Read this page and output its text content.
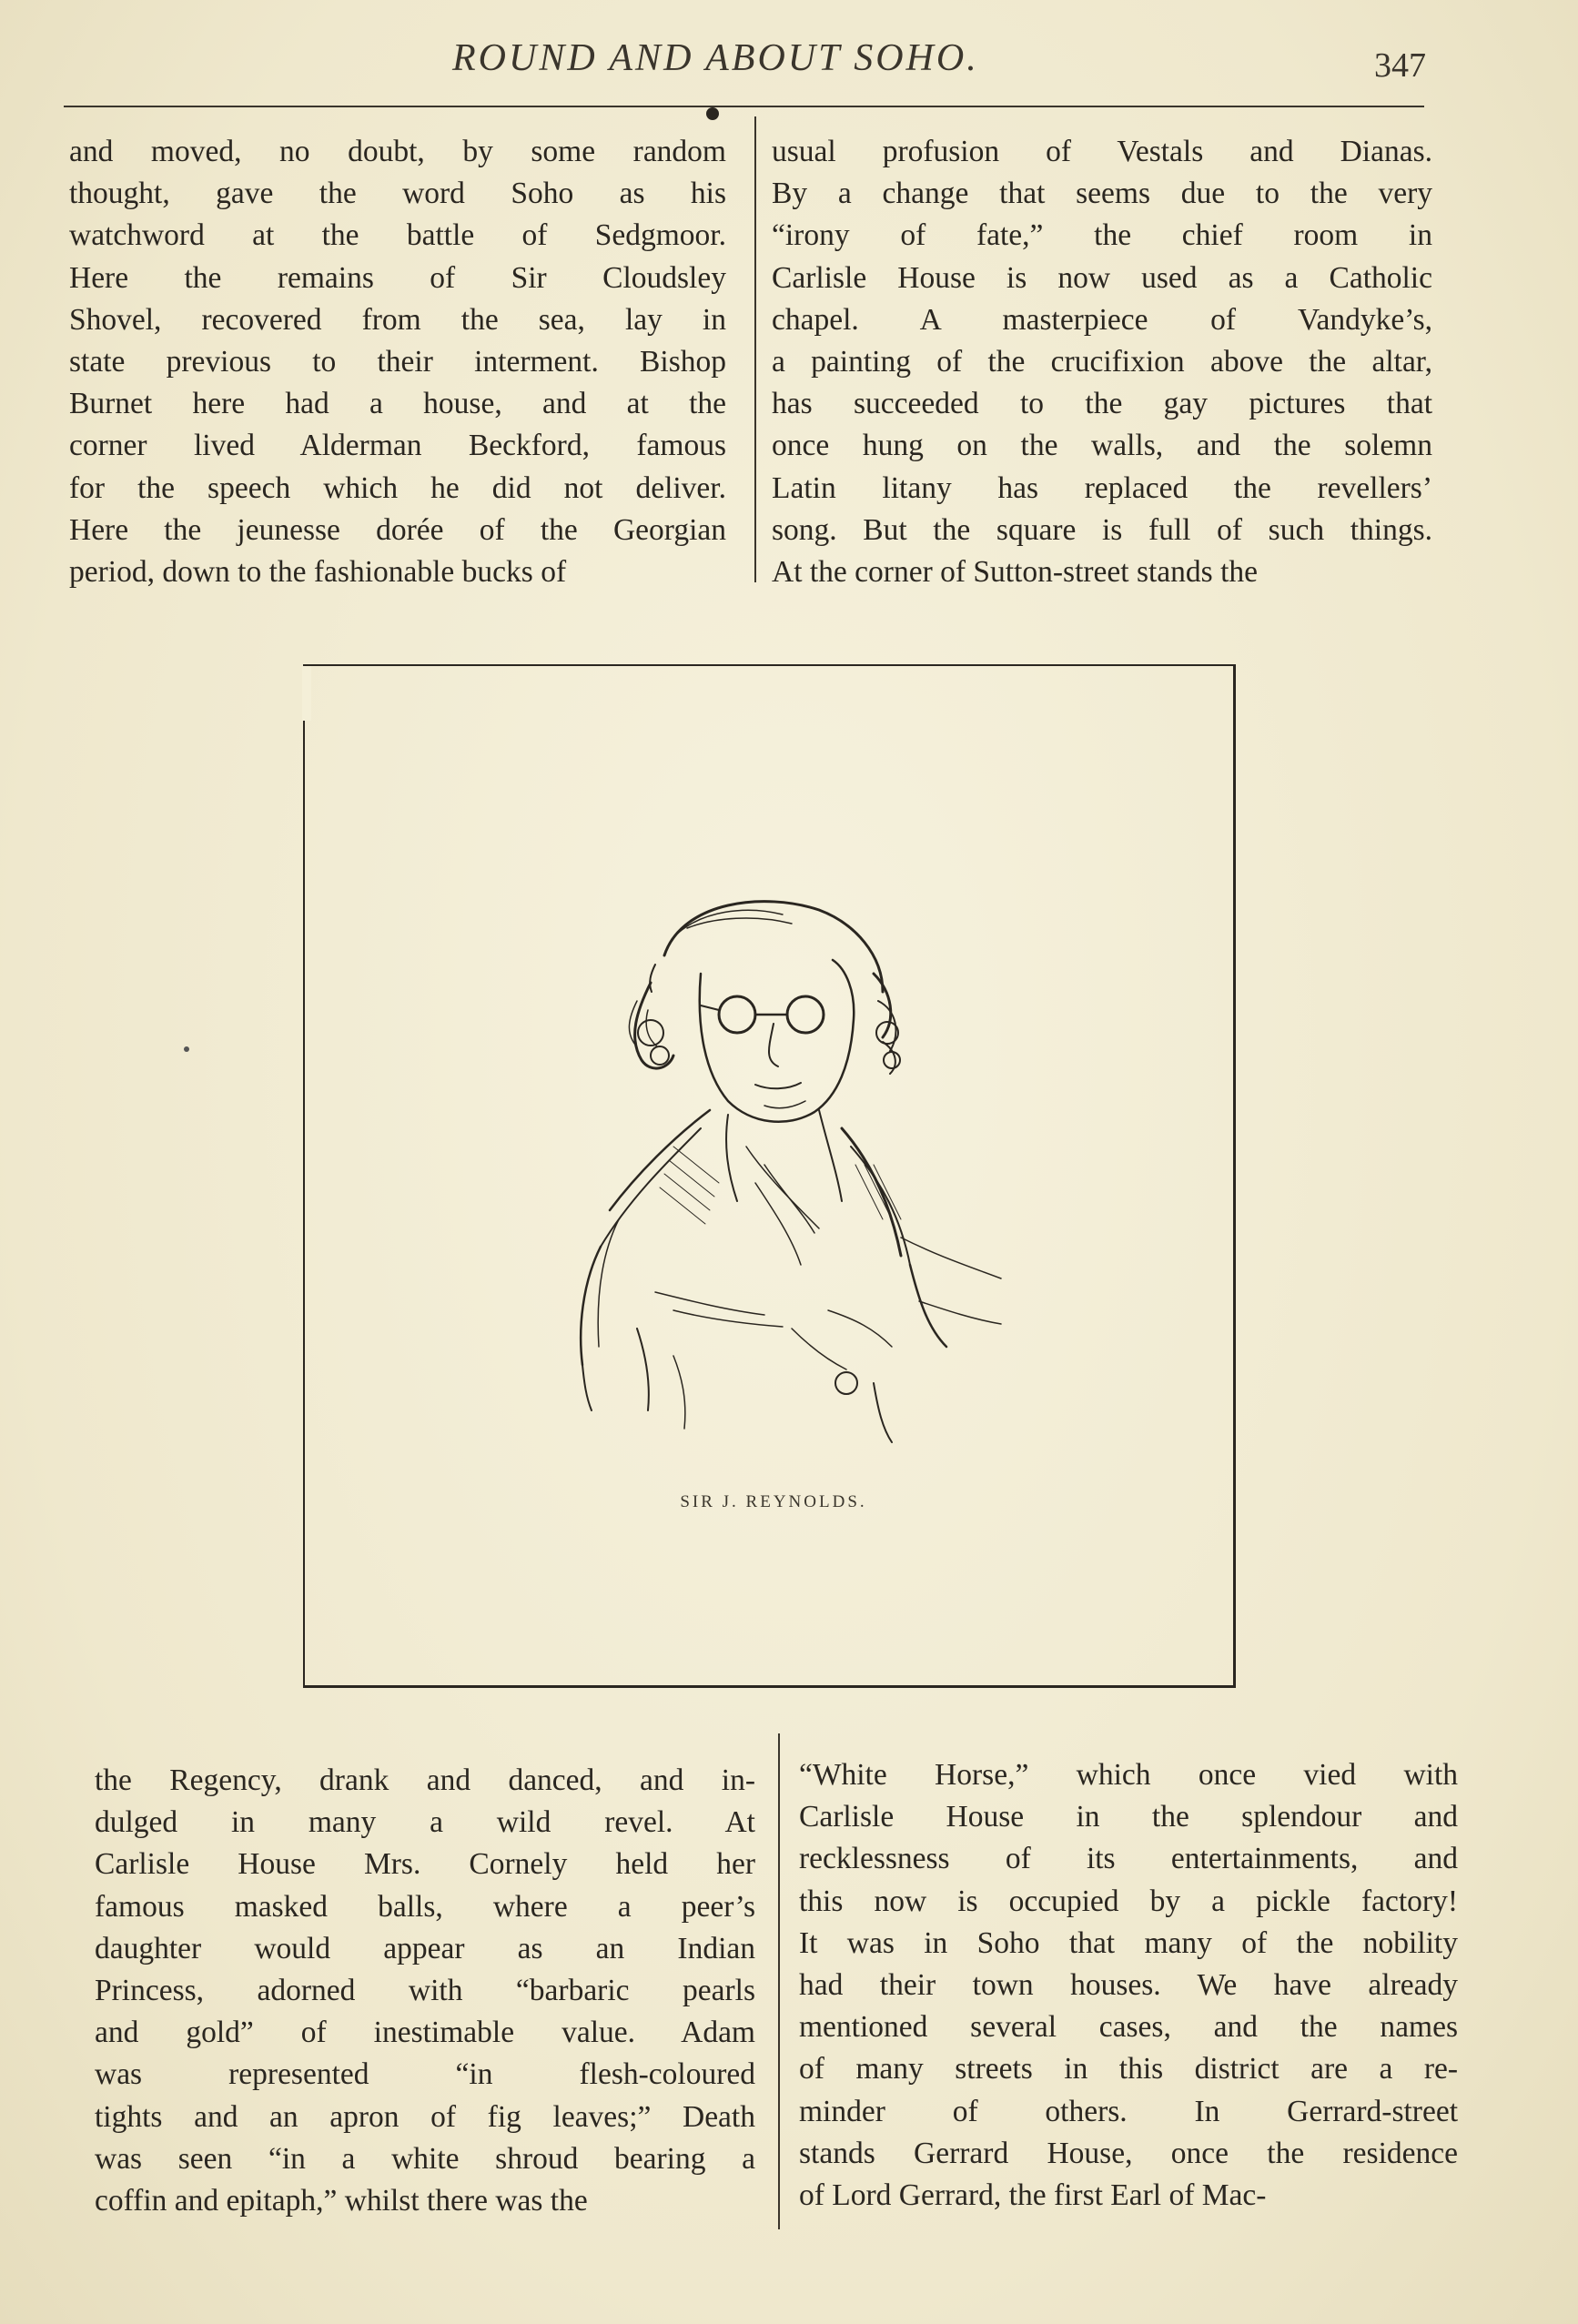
ROUND AND ABOUT SOHO.	347
and moved, no doubt, by some random
thought, gave the word Soho as his
watchword at the battle of Sedgmoor.
Here the remains of Sir Cloudsley
Shovel, recovered from the sea, lay in
state previous to their interment. Bishop
Burnet here had a house, and at the
corner lived Alderman Beckford, famous
for the speech which he did not deliver.
Here the jeunesse dorée of the Georgian
period, down to the fashionable bucks of
usual profusion of Vestals and Dianas.
By a change that seems due to the very
“irony of fate,” the chief room in
Carlisle House is now used as a Catholic
chapel. A masterpiece of Vandyke’s,
a painting of the crucifixion above the altar,
has succeeded to the gay pictures that
once hung on the walls, and the solemn
Latin litany has replaced the revellers’
song. But the square is full of such things.
At the corner of Sutton-street stands the
SIR J. REYNOLDS.
the Regency, drank and danced, and in-
dulged in many a wild revel. At
Carlisle House Mrs. Cornely held her
famous masked balls, where a peer’s
daughter would appear as an Indian
Princess, adorned with “barbaric pearls
and gold” of inestimable value. Adam
was represented “in flesh-coloured
tights and an apron of fig leaves;” Death
was seen “in a white shroud bearing a
coffin and epitaph,” whilst there was the
“White Horse,” which once vied with
Carlisle House in the splendour and
recklessness of its entertainments, and
this now is occupied by a pickle factory!
It was in Soho that many of the nobility
had their town houses. We have already
mentioned several cases, and the names
of many streets in this district are a re-
minder of others. In Gerrard-street
stands Gerrard House, once the residence
of Lord Gerrard, the first Earl of Mac-
